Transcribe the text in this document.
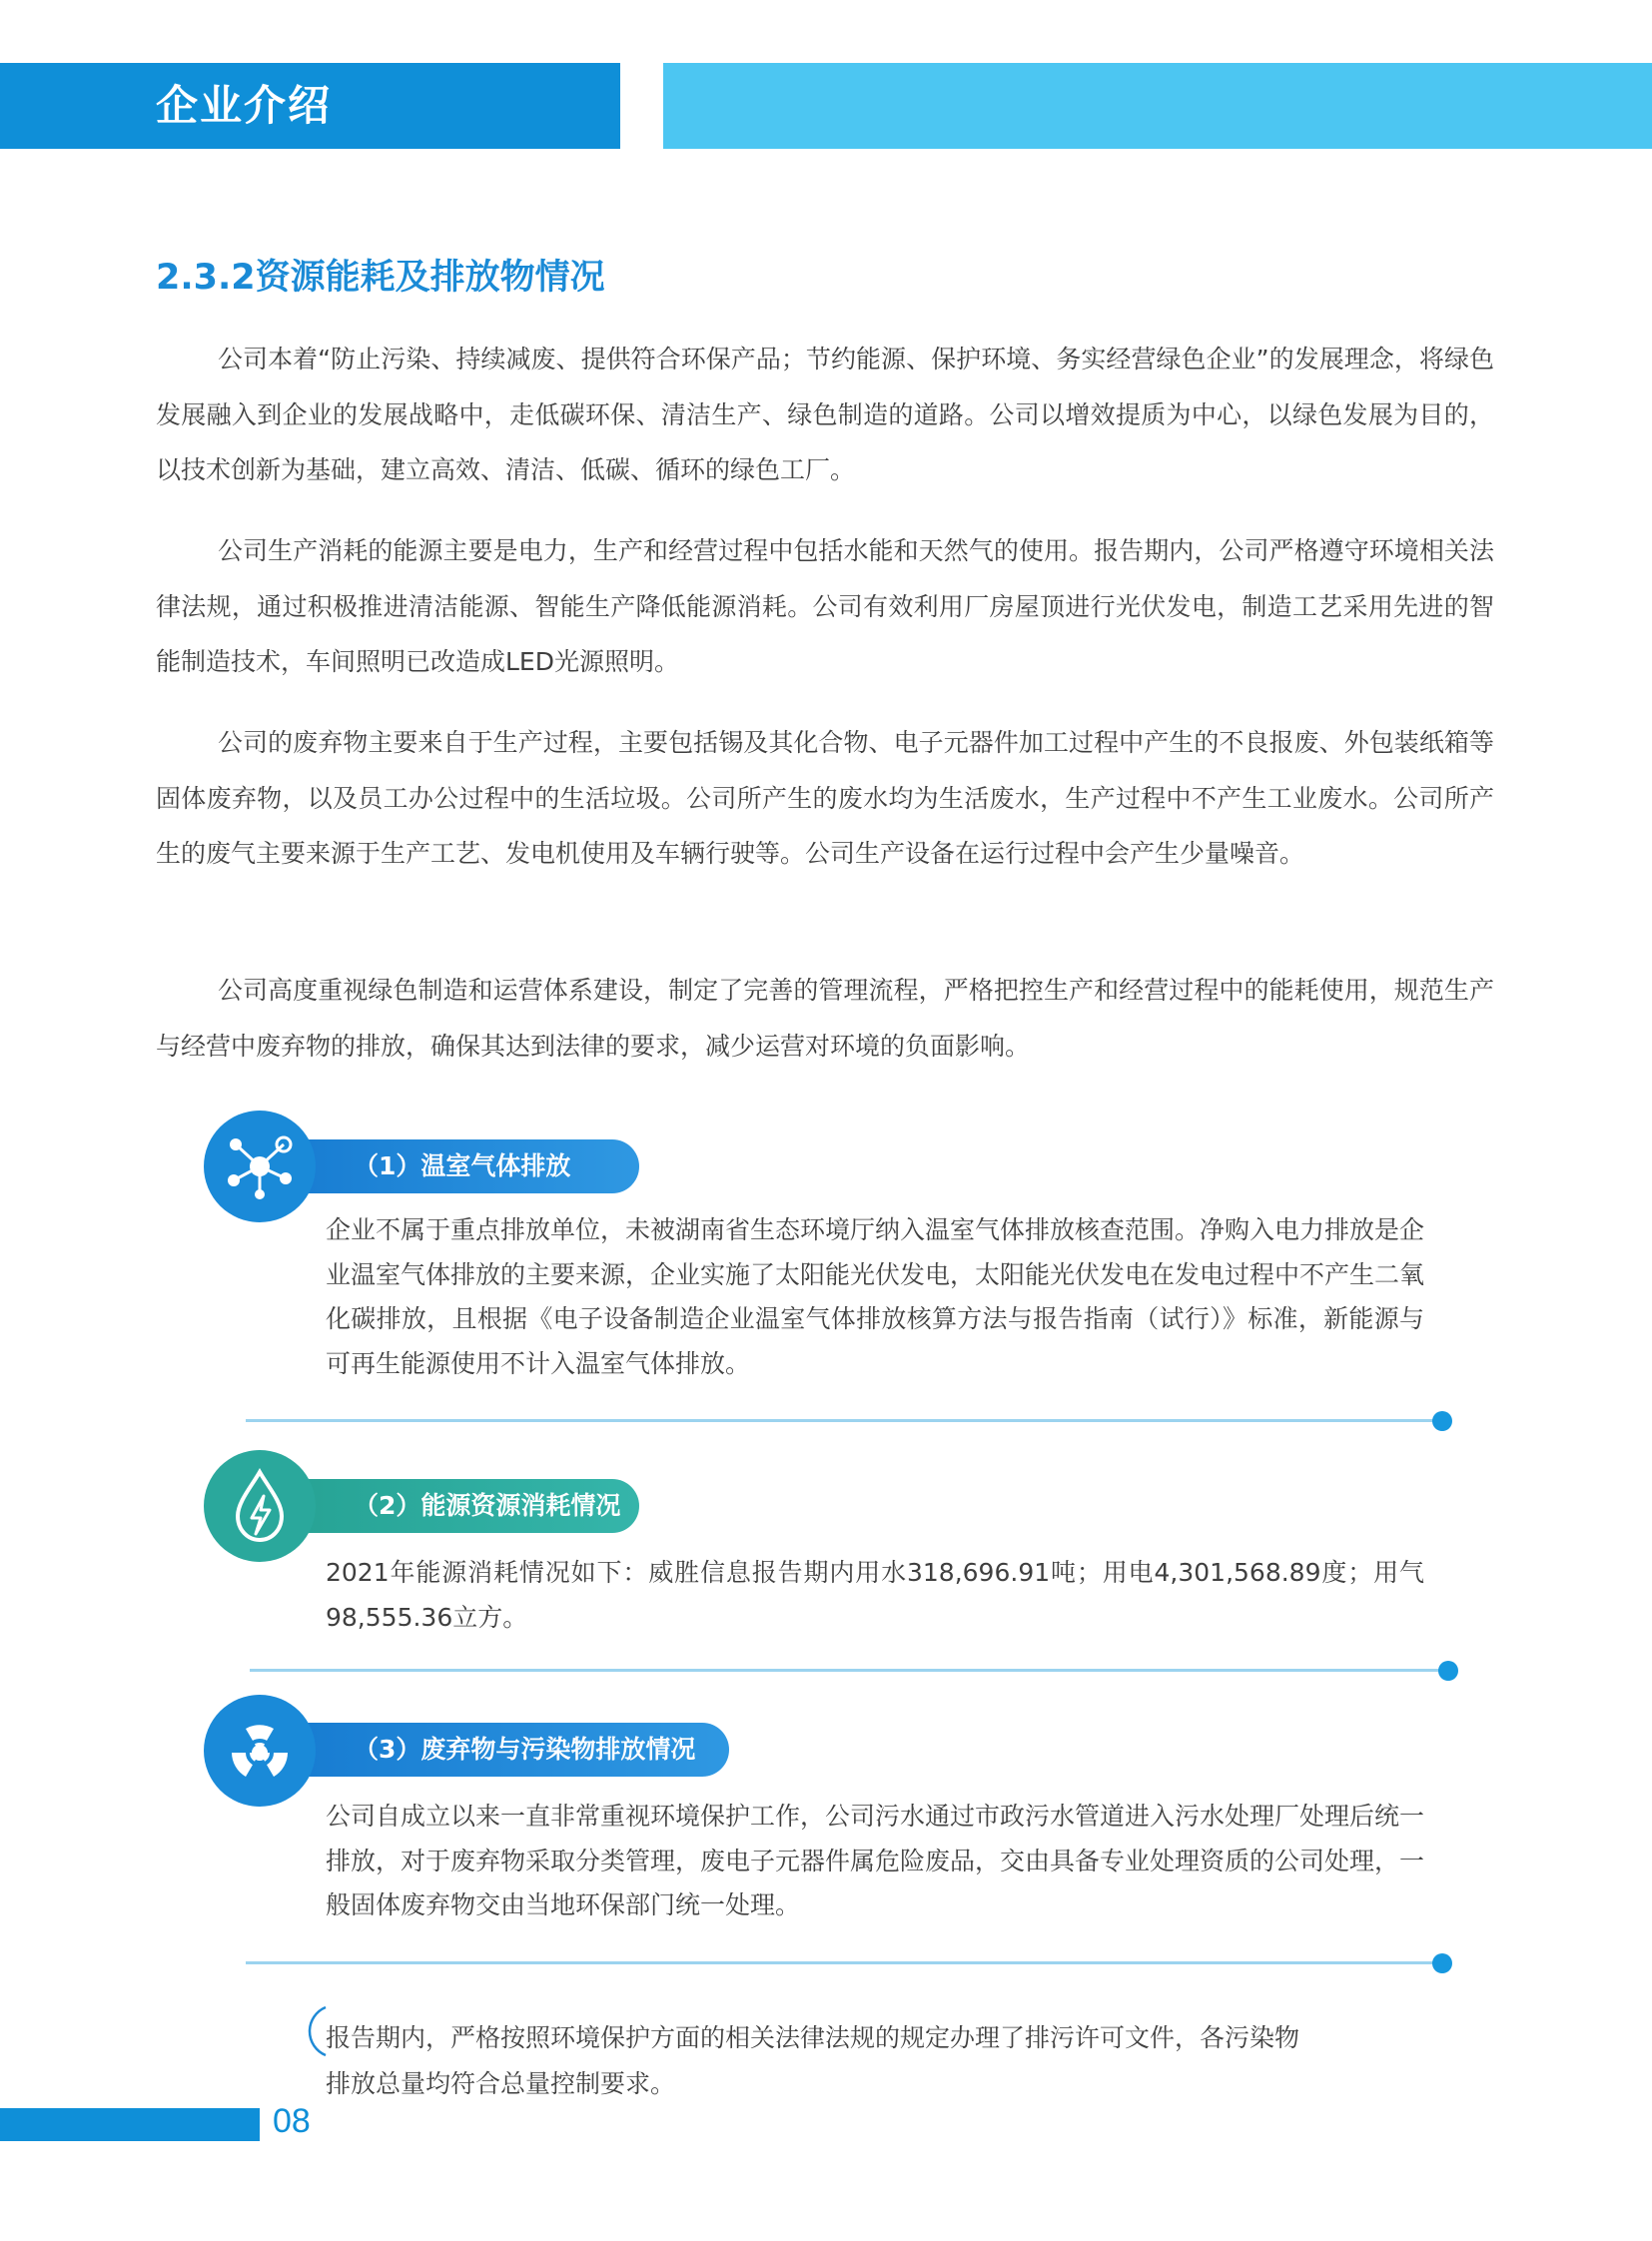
企业介绍
2.3.2资源能耗及排放物情况

公司本着“防止污染、持续减废、提供符合环保产品；节约能源、保护环境、务实经营绿色企业”的发展理念，将绿色发展融入到企业的发展战略中，走低碳环保、清洁生产、绿色制造的道路。公司以增效提质为中心，以绿色发展为目的，以技术创新为基础，建立高效、清洁、低碳、循环的绿色工厂。

公司生产消耗的能源主要是电力，生产和经营过程中包括水能和天然气的使用。报告期内，公司严格遵守环境相关法律法规，通过积极推进清洁能源、智能生产降低能源消耗。公司有效利用厂房屋顶进行光伏发电，制造工艺采用先进的智能制造技术，车间照明已改造成LED光源照明。

公司的废弃物主要来自于生产过程，主要包括锡及其化合物、电子元器件加工过程中产生的不良报废、外包装纸箱等固体废弃物，以及员工办公过程中的生活垃圾。公司所产生的废水均为生活废水，生产过程中不产生工业废水。公司所产生的废气主要来源于生产工艺、发电机使用及车辆行驶等。公司生产设备在运行过程中会产生少量噪音。

公司高度重视绿色制造和运营体系建设，制定了完善的管理流程，严格把控生产和经营过程中的能耗使用，规范生产与经营中废弃物的排放，确保其达到法律的要求，减少运营对环境的负面影响。

（1）温室气体排放

企业不属于重点排放单位，未被湖南省生态环境厅纳入温室气体排放核查范围。净购入电力排放是企业温室气体排放的主要来源，企业实施了太阳能光伏发电，太阳能光伏发电在发电过程中不产生二氧化碳排放，且根据《电子设备制造企业温室气体排放核算方法与报告指南（试行）》标准，新能源与可再生能源使用不计入温室气体排放。

（2）能源资源消耗情况

2021年能源消耗情况如下：威胜信息报告期内用水318,696.91吨；用电4,301,568.89度；用气98,555.36立方。

（3）废弃物与污染物排放情况

公司自成立以来一直非常重视环境保护工作，公司污水通过市政污水管道进入污水处理厂处理后统一排放，对于废弃物采取分类管理，废电子元器件属危险废品，交由具备专业处理资质的公司处理，一般固体废弃物交由当地环保部门统一处理。

报告期内，严格按照环境保护方面的相关法律法规的规定办理了排污许可文件，各污染物排放总量均符合总量控制要求。

08
